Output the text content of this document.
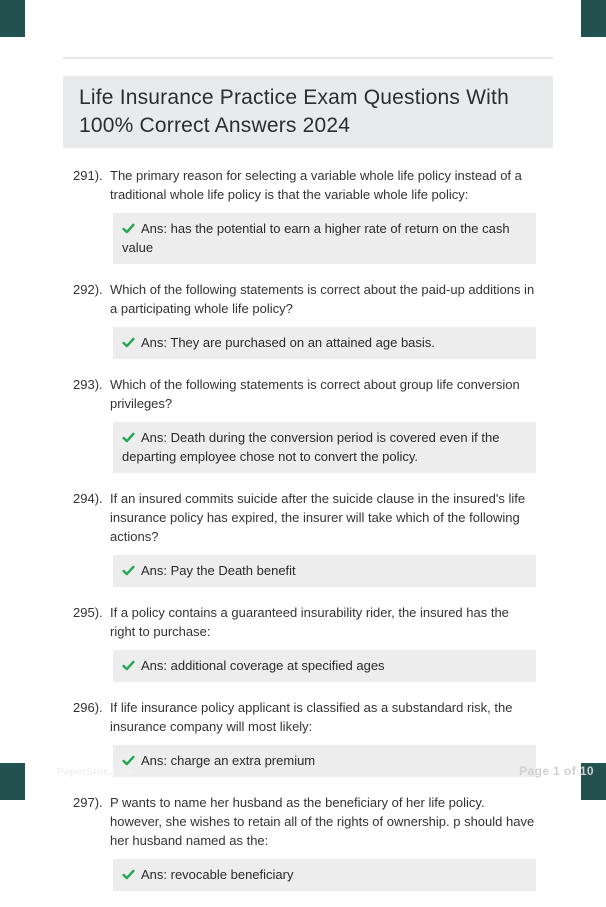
Life Insurance Practice Exam Questions With 100% Correct Answers 2024
291). The primary reason for selecting a variable whole life policy instead of a traditional whole life policy is that the variable whole life policy:

Ans: has the potential to earn a higher rate of return on the cash value
292). Which of the following statements is correct about the paid-up additions in a participating whole life policy?

Ans: They are purchased on an attained age basis.
293). Which of the following statements is correct about group life conversion privileges?

Ans: Death during the conversion period is covered even if the departing employee chose not to convert the policy.
294). If an insured commits suicide after the suicide clause in the insured's life insurance policy has expired, the insurer will take which of the following actions?

Ans: Pay the Death benefit
295). If a policy contains a guaranteed insurability rider, the insured has the right to purchase:

Ans: additional coverage at specified ages
296). If life insurance policy applicant is classified as a substandard risk, the insurance company will most likely:

Ans: charge an extra premium
297). P wants to name her husband as the beneficiary of her life policy. however, she wishes to retain all of the rights of ownership. p should have her husband named as the:

Ans: revocable beneficiary
PaperStoc.com	Page 1 of 10
